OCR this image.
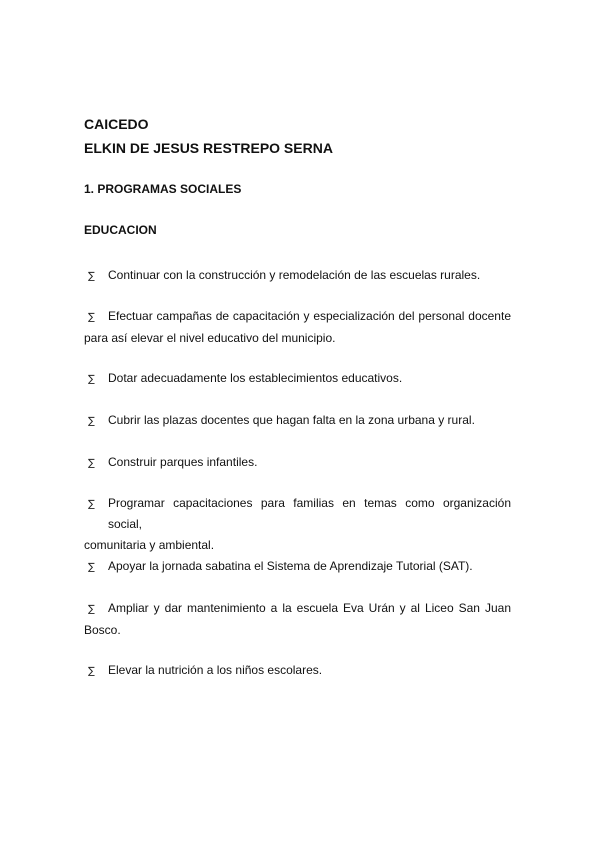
CAICEDO
ELKIN DE JESUS RESTREPO SERNA
1. PROGRAMAS SOCIALES
EDUCACION
∑	Continuar con la construcción y remodelación de las escuelas rurales.
∑	Efectuar campañas de capacitación y especialización del personal docente
para así elevar el nivel educativo del municipio.
∑	Dotar adecuadamente los establecimientos educativos.
∑	Cubrir las plazas docentes que hagan falta en la zona urbana y rural.
∑	Construir parques infantiles.
∑	Programar capacitaciones para familias en temas como organización social,
comunitaria y ambiental.
∑	Apoyar la jornada sabatina el Sistema de Aprendizaje Tutorial (SAT).
∑	Ampliar y dar mantenimiento a la escuela Eva Urán y al Liceo San Juan
Bosco.
∑	Elevar la nutrición a los niños escolares.
